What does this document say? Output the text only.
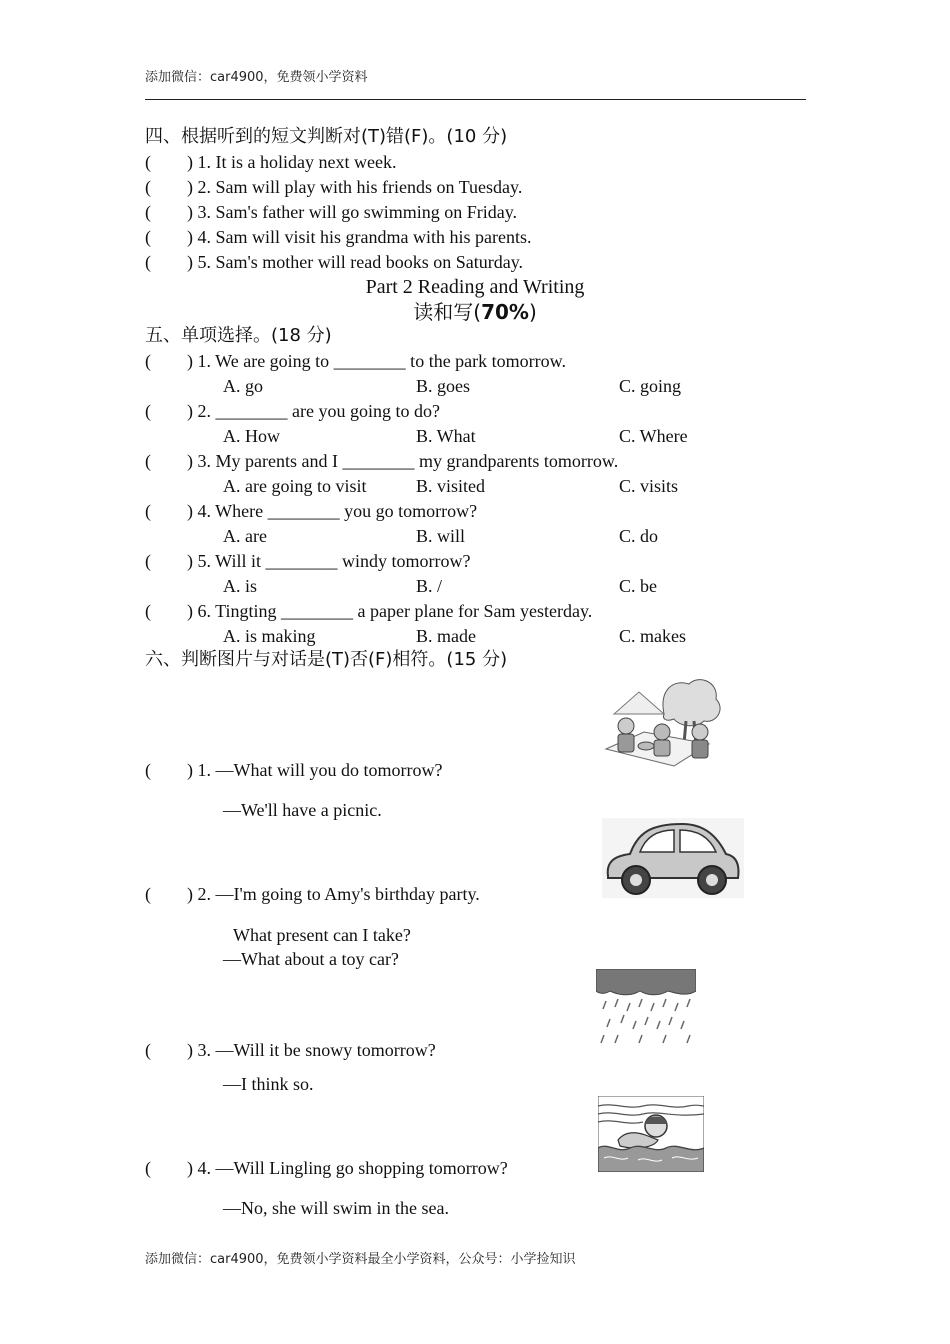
添加微信：car4900，免费领小学资料
四、根据听到的短文判断对(T)错(F)。(10 分)
( ) 1. It is a holiday next week.
( ) 2. Sam will play with his friends on Tuesday.
( ) 3. Sam's father will go swimming on Friday.
( ) 4. Sam will visit his grandma with his parents.
( ) 5. Sam's mother will read books on Saturday.
Part 2 Reading and Writing
读和写(70%)
五、单项选择。(18 分)
( ) 1. We are going to ________ to the park tomorrow.
A. go	B. goes	C. going
( ) 2. ________ are you going to do?
A. How	B. What	C. Where
( ) 3. My parents and I ________ my grandparents tomorrow.
A. are going to visit	B. visited	C. visits
( ) 4. Where ________ you go tomorrow?
A. are	B. will	C. do
( ) 5. Will it ________ windy tomorrow?
A. is	B. /	C. be
( ) 6. Tingting ________ a paper plane for Sam yesterday.
A. is making	B. made	C. makes
六、判断图片与对话是(T)否(F)相符。(15 分)
( ) 1. —What will you do tomorrow?
—We'll have a picnic.
( ) 2. —I'm going to Amy's birthday party.
What present can I take?
—What about a toy car?
( ) 3. —Will it be snowy tomorrow?
—I think so.
( ) 4. —Will Lingling go shopping tomorrow?
—No, she will swim in the sea.
添加微信：car4900，免费领小学资料最全小学资料，公众号：小学捡知识
